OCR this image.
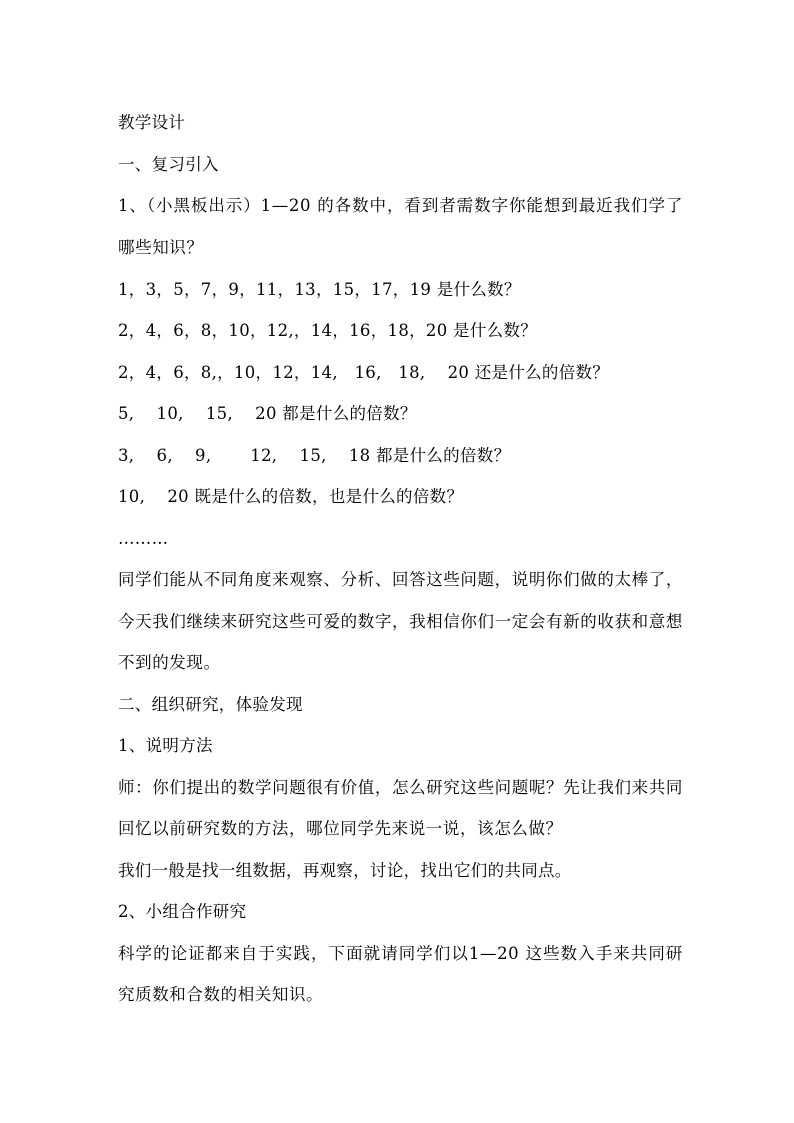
教学设计
一、复习引入
1、（小黑板出示）1—20 的各数中，看到者需数字你能想到最近我们学了哪些知识？
1，3，5，7，9，11，13，15，17，19 是什么数？
2，4，6，8，10，12,，14，16，18，20 是什么数？
2，4，6，8,，10，12，14,   16,   18,    20 还是什么的倍数？
5,    10,    15,    20 都是什么的倍数？
3,    6,    9,       12,    15,    18 都是什么的倍数？
10,    20 既是什么的倍数，也是什么的倍数？
………
同学们能从不同角度来观察、分析、回答这些问题，说明你们做的太棒了，今天我们继续来研究这些可爱的数字，我相信你们一定会有新的收获和意想不到的发现。
二、组织研究，体验发现
1、说明方法
师：你们提出的数学问题很有价值，怎么研究这些问题呢？先让我们来共同回忆以前研究数的方法，哪位同学先来说一说，该怎么做？
我们一般是找一组数据，再观察，讨论，找出它们的共同点。
2、小组合作研究
科学的论证都来自于实践，下面就请同学们以1—20 这些数入手来共同研究质数和合数的相关知识。
